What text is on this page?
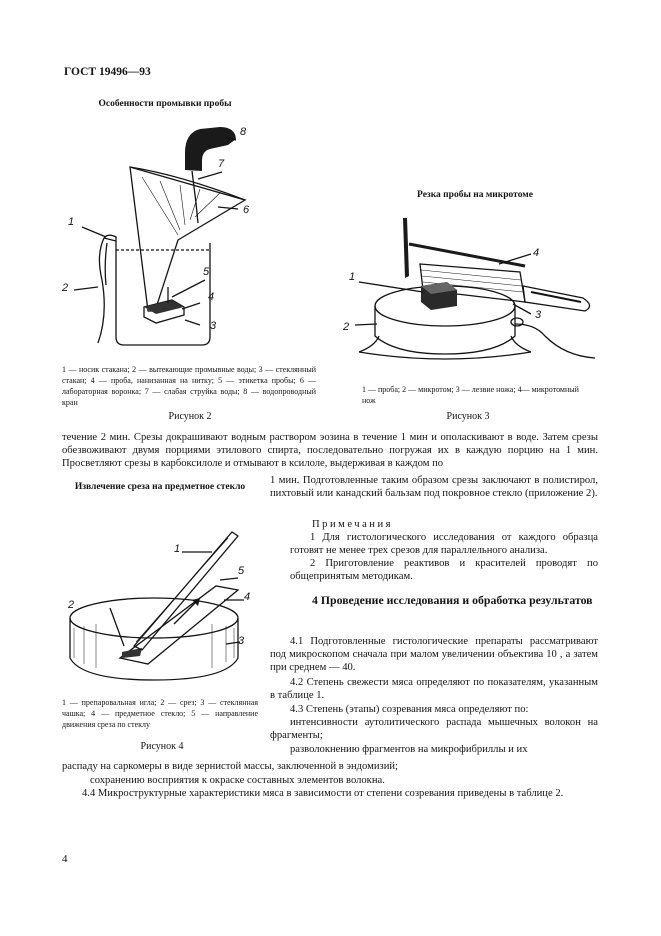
ГОСТ 19496—93
Особенности промывки пробы
1
2
3
4
5
6
7
8
1 — носик стакана; 2 — вытекающие промывные воды; 3 — стеклянный стакан; 4 — проба, нанизанная на нитку; 5 — этикетка пробы; 6 — лабораторная воронка; 7 — слабая струйка воды; 8 — водопроводный кран
Рисунок 2
Резка пробы на микротоме
1
2
3
4
1 — проба; 2 — микротом; 3 — лезвие ножа; 4— микротомный нож
Рисунок 3
течение 2 мин. Срезы докрашивают водным раствором эозина в течение 1 мин и ополаскивают в воде. Затем срезы обезвоживают двумя порциями этилового спирта, последовательно погружая их в каждую порцию на 1 мин. Просветляют срезы в карбоксилоле и отмывают в ксилоле, выдерживая в каждом по
Извлечение среза на предметное стекло
1
2
3
4
5
1 — препаровальная игла; 2 — срез; 3 — стеклянная чашка; 4 — предметное стекло; 5 — направление движения среза по стеклу
Рисунок 4
1 мин. Подготовленные таким образом срезы заключают в полистирол, пихтовый или канадский бальзам под покровное стекло (приложение 2).
Примечания
1 Для гистологического исследования от каждого образца готовят не менее трех срезов для параллельного анализа.
2 Приготовление реактивов и красителей проводят по общепринятым методикам.
4 Проведение исследования и обработка результатов
4.1 Подготовленные гистологические препараты рассматривают под микроскопом сначала при малом увеличении объектива 10 , а затем при среднем — 40.
4.2 Степень свежести мяса определяют по показателям, указанным в таблице 1.
4.3 Степень (этапы) созревания мяса определяют по:
интенсивности аутолитического распада мышечных волокон на фрагменты;
разволокнению фрагментов на микрофибриллы и их
распаду на саркомеры в виде зернистой массы, заключенной в эндомизий;
сохранению восприятия к окраске составных элементов волокна.
4.4 Микроструктурные характеристики мяса в зависимости от степени созревания приведены в таблице 2.
4
